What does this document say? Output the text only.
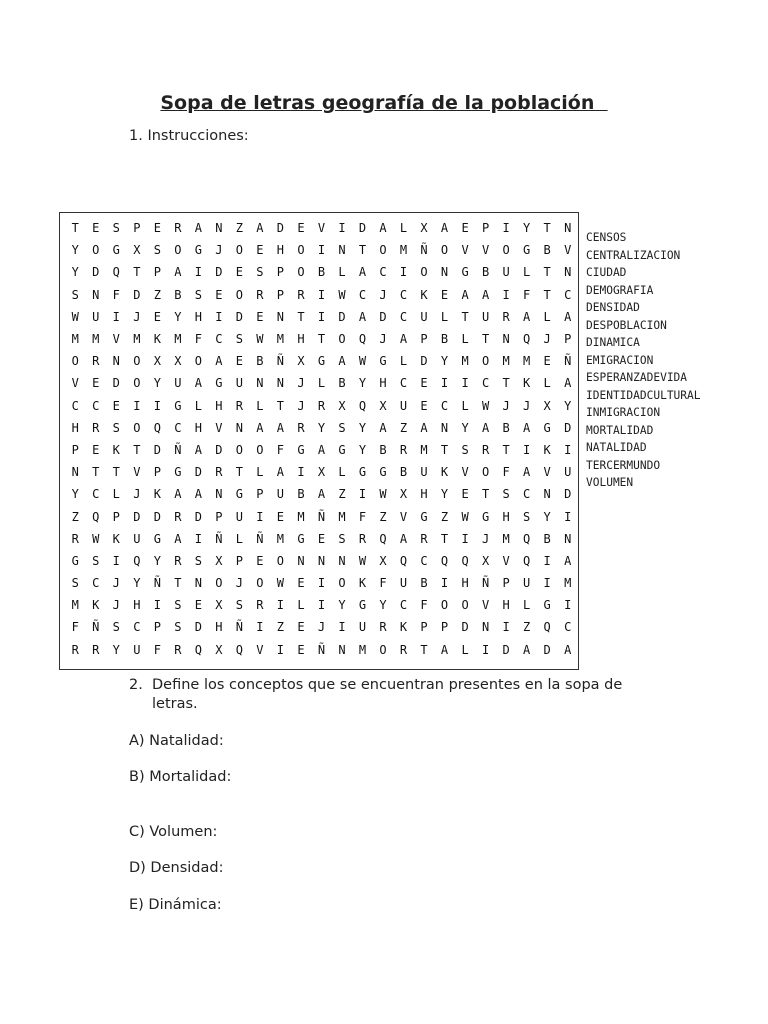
Sopa de letras geografía de la población
1. Instrucciones:
T	E	S	P	E	R	A	N	Z	A	D	E	V	I	D	A	L	X	A	E	P	I	Y	T	N
Y	O	G	X	S	O	G	J	O	E	H	O	I	N	T	O	M	Ñ	O	V	V	O	G	B	V
Y	D	Q	T	P	A	I	D	E	S	P	O	B	L	A	C	I	O	N	G	B	U	L	T	N
S	N	F	D	Z	B	S	E	O	R	P	R	I	W	C	J	C	K	E	A	A	I	F	T	C
W	U	I	J	E	Y	H	I	D	E	N	T	I	D	A	D	C	U	L	T	U	R	A	L	A
M	M	V	M	K	M	F	C	S	W	M	H	T	O	Q	J	A	P	B	L	T	N	Q	J	P
O	R	N	O	X	X	O	A	E	B	Ñ	X	G	A	W	G	L	D	Y	M	O	M	M	E	Ñ
V	E	D	O	Y	U	A	G	U	N	N	J	L	B	Y	H	C	E	I	I	C	T	K	L	A
C	C	E	I	I	G	L	H	R	L	T	J	R	X	Q	X	U	E	C	L	W	J	J	X	Y
H	R	S	O	Q	C	H	V	N	A	A	R	Y	S	Y	A	Z	A	N	Y	A	B	A	G	D
P	E	K	T	D	Ñ	A	D	O	O	F	G	A	G	Y	B	R	M	T	S	R	T	I	K	I
N	T	T	V	P	G	D	R	T	L	A	I	X	L	G	G	B	U	K	V	O	F	A	V	U
Y	C	L	J	K	A	A	N	G	P	U	B	A	Z	I	W	X	H	Y	E	T	S	C	N	D
Z	Q	P	D	D	R	D	P	U	I	E	M	Ñ	M	F	Z	V	G	Z	W	G	H	S	Y	I
R	W	K	U	G	A	I	Ñ	L	Ñ	M	G	E	S	R	Q	A	R	T	I	J	M	Q	B	N
G	S	I	Q	Y	R	S	X	P	E	O	N	N	N	W	X	Q	C	Q	Q	X	V	Q	I	A
S	C	J	Y	Ñ	T	N	O	J	O	W	E	I	O	K	F	U	B	I	H	Ñ	P	U	I	M
M	K	J	H	I	S	E	X	S	R	I	L	I	Y	G	Y	C	F	O	O	V	H	L	G	I
F	Ñ	S	C	P	S	D	H	Ñ	I	Z	E	J	I	U	R	K	P	P	D	N	I	Z	Q	C
R	R	Y	U	F	R	Q	X	Q	V	I	E	Ñ	N	M	O	R	T	A	L	I	D	A	D	A
CENSOS
CENTRALIZACION
CIUDAD
DEMOGRAFIA
DENSIDAD
DESPOBLACION
DINAMICA
EMIGRACION
ESPERANZADEVIDA
IDENTIDADCULTURAL
INMIGRACION
MORTALIDAD
NATALIDAD
TERCERMUNDO
VOLUMEN
2. Define los conceptos que se encuentran presentes en la sopa de letras.
A) Natalidad:
B) Mortalidad:
C) Volumen:
D) Densidad:
E) Dinámica:
